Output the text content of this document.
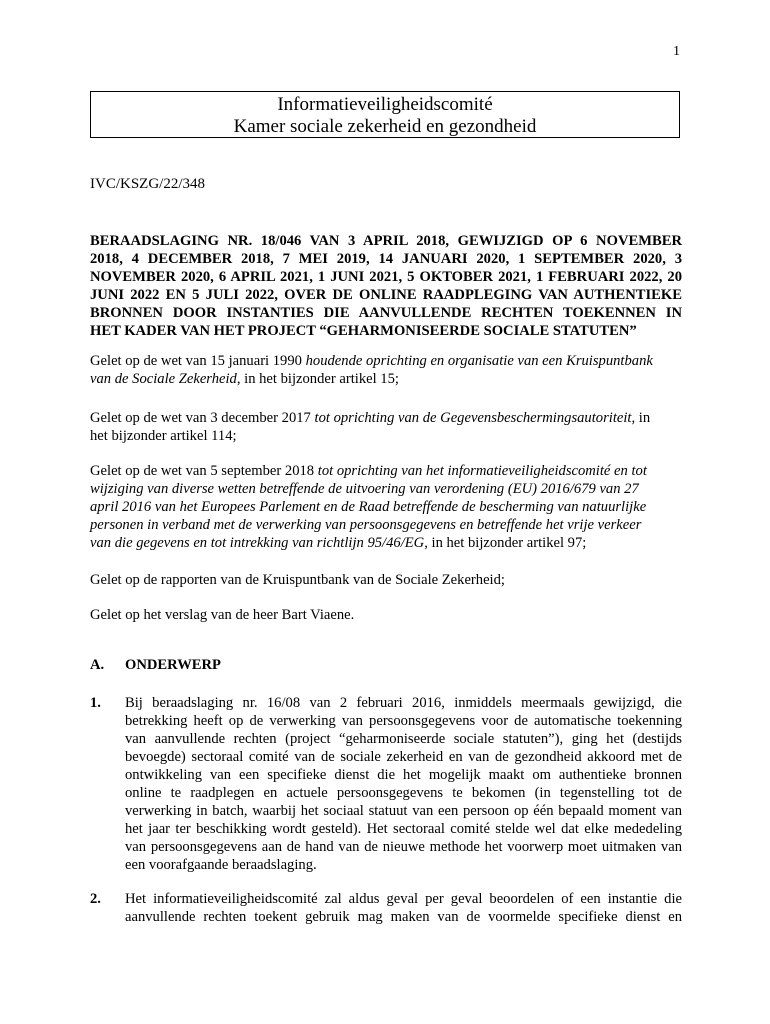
1
Informatieveiligheidscomité
Kamer sociale zekerheid en gezondheid
IVC/KSZG/22/348
BERAADSLAGING NR. 18/046 VAN 3 APRIL 2018, GEWIJZIGD OP 6 NOVEMBER
2018, 4 DECEMBER 2018, 7 MEI 2019, 14 JANUARI 2020, 1 SEPTEMBER 2020, 3
NOVEMBER 2020, 6 APRIL 2021, 1 JUNI 2021, 5 OKTOBER 2021, 1 FEBRUARI 2022, 20
JUNI 2022 EN 5 JULI 2022, OVER DE ONLINE RAADPLEGING VAN AUTHENTIEKE
BRONNEN DOOR INSTANTIES DIE AANVULLENDE RECHTEN TOEKENNEN IN
HET KADER VAN HET PROJECT “GEHARMONISEERDE SOCIALE STATUTEN”
Gelet op de wet van 15 januari 1990 houdende oprichting en organisatie van een Kruispuntbank
van de Sociale Zekerheid, in het bijzonder artikel 15;
Gelet op de wet van 3 december 2017 tot oprichting van de Gegevensbeschermingsautoriteit, in
het bijzonder artikel 114;
Gelet op de wet van 5 september 2018 tot oprichting van het informatieveiligheidscomité en tot
wijziging van diverse wetten betreffende de uitvoering van verordening (EU) 2016/679 van 27
april 2016 van het Europees Parlement en de Raad betreffende de bescherming van natuurlijke
personen in verband met de verwerking van persoonsgegevens en betreffende het vrije verkeer
van die gegevens en tot intrekking van richtlijn 95/46/EG, in het bijzonder artikel 97;
Gelet op de rapporten van de Kruispuntbank van de Sociale Zekerheid;
Gelet op het verslag van de heer Bart Viaene.
A. ONDERWERP
1. Bij beraadslaging nr. 16/08 van 2 februari 2016, inmiddels meermaals gewijzigd, die
betrekking heeft op de verwerking van persoonsgegevens voor de automatische toekenning
van aanvullende rechten (project “geharmoniseerde sociale statuten”), ging het (destijds
bevoegde) sectoraal comité van de sociale zekerheid en van de gezondheid akkoord met de
ontwikkeling van een specifieke dienst die het mogelijk maakt om authentieke bronnen
online te raadplegen en actuele persoonsgegevens te bekomen (in tegenstelling tot de
verwerking in batch, waarbij het sociaal statuut van een persoon op één bepaald moment van
het jaar ter beschikking wordt gesteld). Het sectoraal comité stelde wel dat elke mededeling
van persoonsgegevens aan de hand van de nieuwe methode het voorwerp moet uitmaken van
een voorafgaande beraadslaging.
2. Het informatieveiligheidscomité zal aldus geval per geval beoordelen of een instantie die
aanvullende rechten toekent gebruik mag maken van de voormelde specifieke dienst en
